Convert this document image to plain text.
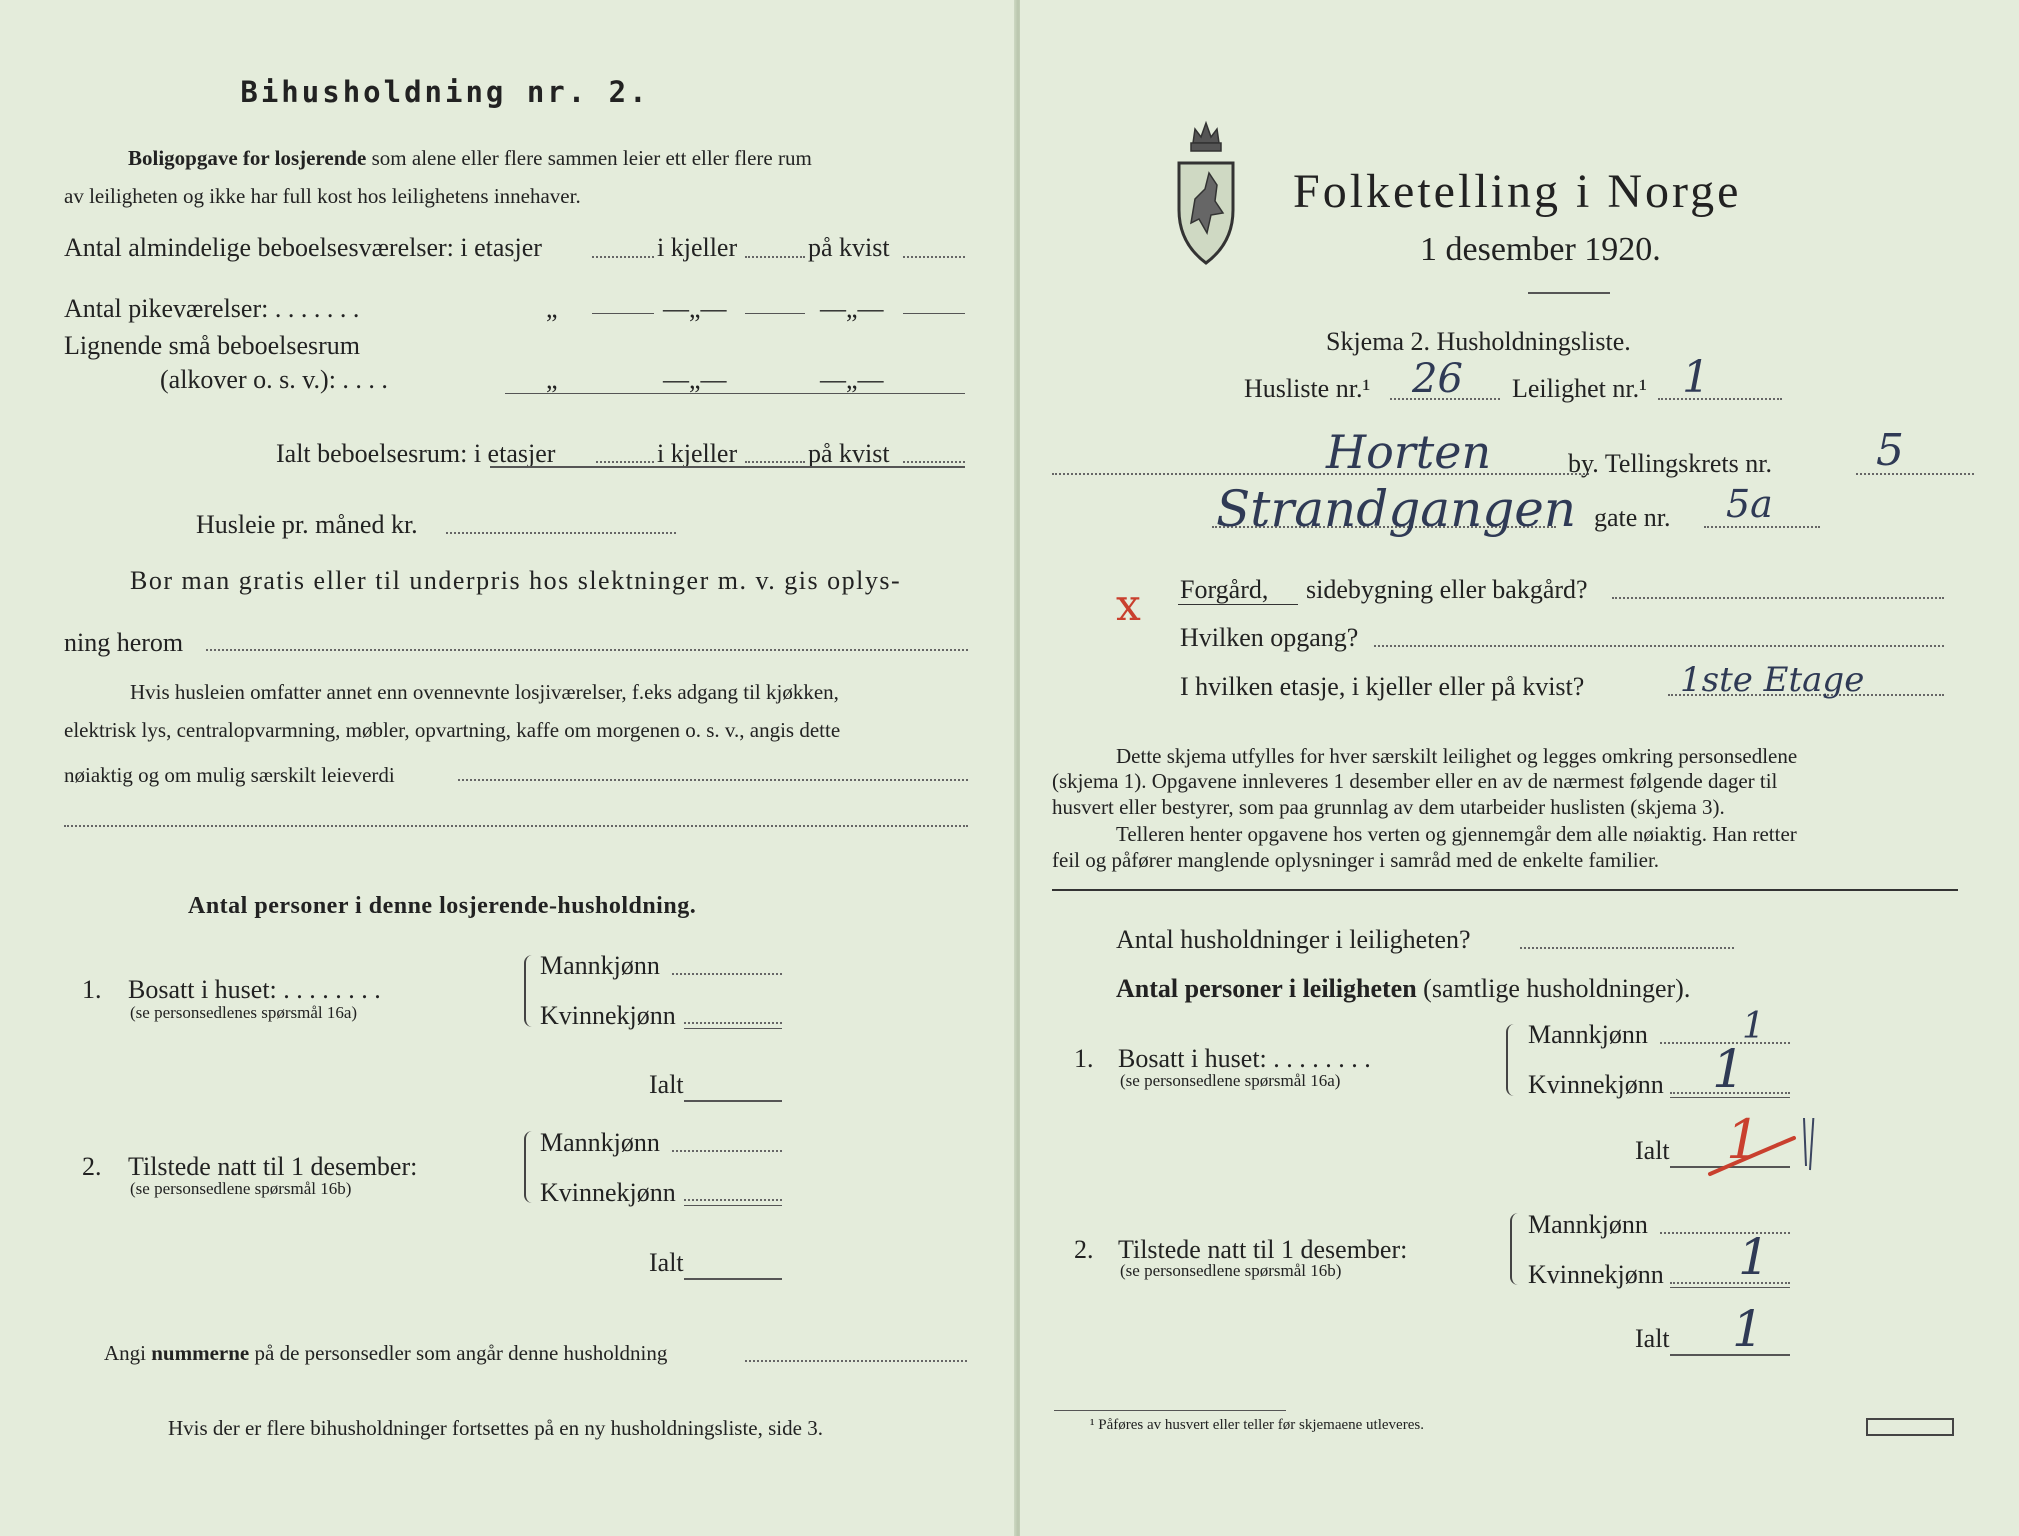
Bihusholdning nr. 2.
Boligopgave for losjerende som alene eller flere sammen leier ett eller flere rum
av leiligheten og ikke har full kost hos leilighetens innehaver.
Antal almindelige beboelsesværelser: i etasjer	i kjeller	på kvist
Antal pikeværelser: . . . . . . .	„	—„—	—„—
Lignende små beboelsesrum
(alkover o. s. v.): . . . .	„	—„—	—„—
Ialt beboelsesrum: i etasjer	i kjeller	på kvist
Husleie pr. måned kr.
Bor man gratis eller til underpris hos slektninger m. v. gis oplys-
ning herom
Hvis husleien omfatter annet enn ovennevnte losjiværelser, f.eks adgang til kjøkken,
elektrisk lys, centralopvarmning, møbler, opvartning, kaffe om morgenen o. s. v., angis dette
nøiaktig og om mulig særskilt leieverdi
Antal personer i denne losjerende-husholdning.
1. Bosatt i huset: . . . . . . . .
(se personsedlenes spørsmål 16a)
Mannkjønn
Kvinnekjønn
Ialt
2. Tilstede natt til 1 desember:
(se personsedlene spørsmål 16b)
Mannkjønn
Kvinnekjønn
Ialt
Angi nummerne på de personsedler som angår denne husholdning
Hvis der er flere bihusholdninger fortsettes på en ny husholdningsliste, side 3.
Folketelling i Norge
1 desember 1920.
Skjema 2. Husholdningsliste.
Husliste nr.¹ 26 Leilighet nr.¹ 1
Horten	by. Tellingskrets nr. 5
Strandgangen gate nr. 5a
x Forgård, sidebygning eller bakgård?
Hvilken opgang?
I hvilken etasje, i kjeller eller på kvist?	1ste Etage
Dette skjema utfylles for hver særskilt leilighet og legges omkring personsedlene
(skjema 1). Opgavene innleveres 1 desember eller en av de nærmest følgende dager til
husvert eller bestyrer, som paa grunnlag av dem utarbeider huslisten (skjema 3).
Telleren henter opgavene hos verten og gjennemgår dem alle nøiaktig. Han retter
feil og påfører manglende oplysninger i samråd med de enkelte familier.
Antal husholdninger i leiligheten?
Antal personer i leiligheten (samtlige husholdninger).
1. Bosatt i huset: . . . . . . . .
(se personsedlene spørsmål 16a)
Mannkjønn	1
Kvinnekjønn 1
Ialt 1
2. Tilstede natt til 1 desember:
(se personsedlene spørsmål 16b)
Mannkjønn
Kvinnekjønn 1
Ialt 1
¹ Påføres av husvert eller teller før skjemaene utleveres.
